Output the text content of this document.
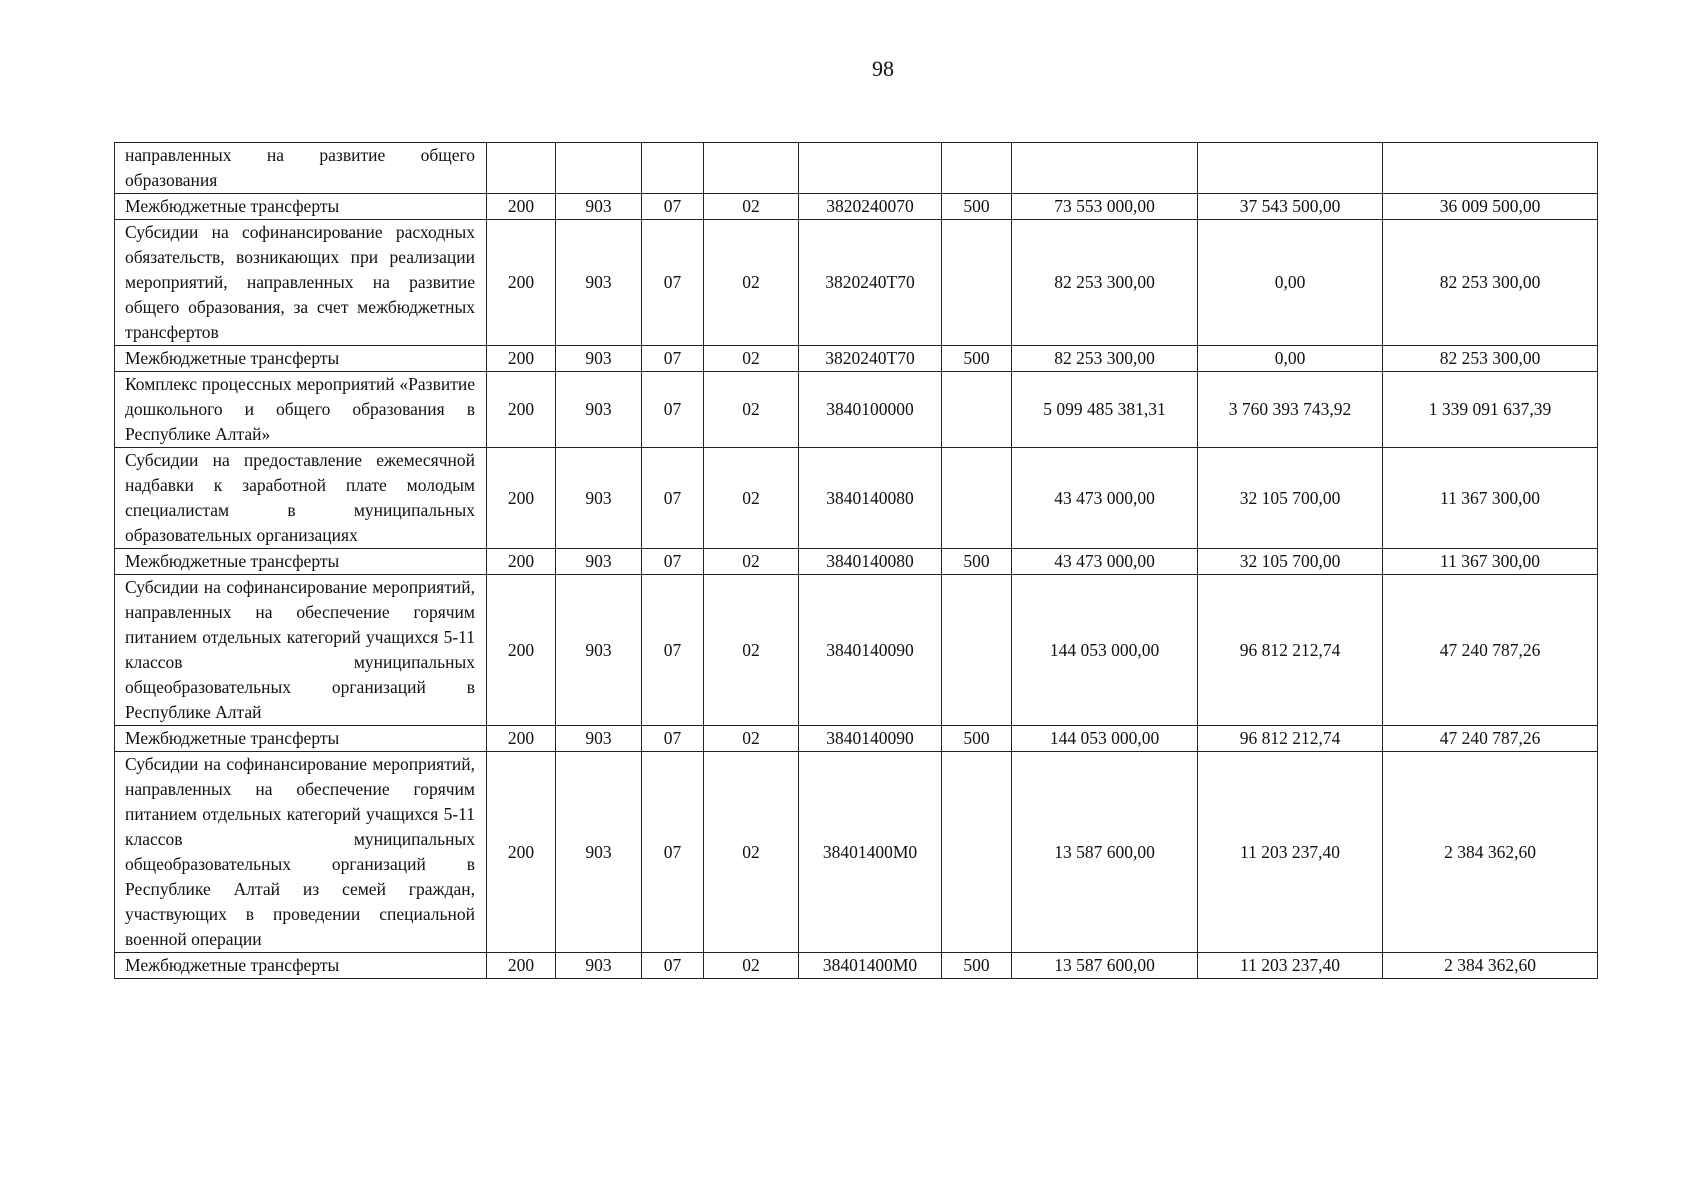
98
направленных на развитие общего образования									
Межбюджетные трансферты	200	903	07	02	3820240070	500	73 553 000,00	37 543 500,00	36 009 500,00
Субсидии на софинансирование расходных обязательств, возникающих при реализации мероприятий, направленных на развитие общего образования, за счет межбюджетных трансфертов	200	903	07	02	3820240Т70		82 253 300,00	0,00	82 253 300,00
Межбюджетные трансферты	200	903	07	02	3820240Т70	500	82 253 300,00	0,00	82 253 300,00
Комплекс процессных мероприятий «Развитие дошкольного и общего образования в Республике Алтай»	200	903	07	02	3840100000		5 099 485 381,31	3 760 393 743,92	1 339 091 637,39
Субсидии на предоставление ежемесячной надбавки к заработной плате молодым специалистам в муниципальных образовательных организациях	200	903	07	02	3840140080		43 473 000,00	32 105 700,00	11 367 300,00
Межбюджетные трансферты	200	903	07	02	3840140080	500	43 473 000,00	32 105 700,00	11 367 300,00
Субсидии на софинансирование мероприятий, направленных на обеспечение горячим питанием отдельных категорий учащихся 5-11 классов муниципальных общеобразовательных организаций в Республике Алтай	200	903	07	02	3840140090		144 053 000,00	96 812 212,74	47 240 787,26
Межбюджетные трансферты	200	903	07	02	3840140090	500	144 053 000,00	96 812 212,74	47 240 787,26
Субсидии на софинансирование мероприятий, направленных на обеспечение горячим питанием отдельных категорий учащихся 5-11 классов муниципальных общеобразовательных организаций в Республике Алтай из семей граждан, участвующих в проведении специальной военной операции	200	903	07	02	38401400М0		13 587 600,00	11 203 237,40	2 384 362,60
Межбюджетные трансферты	200	903	07	02	38401400М0	500	13 587 600,00	11 203 237,40	2 384 362,60
